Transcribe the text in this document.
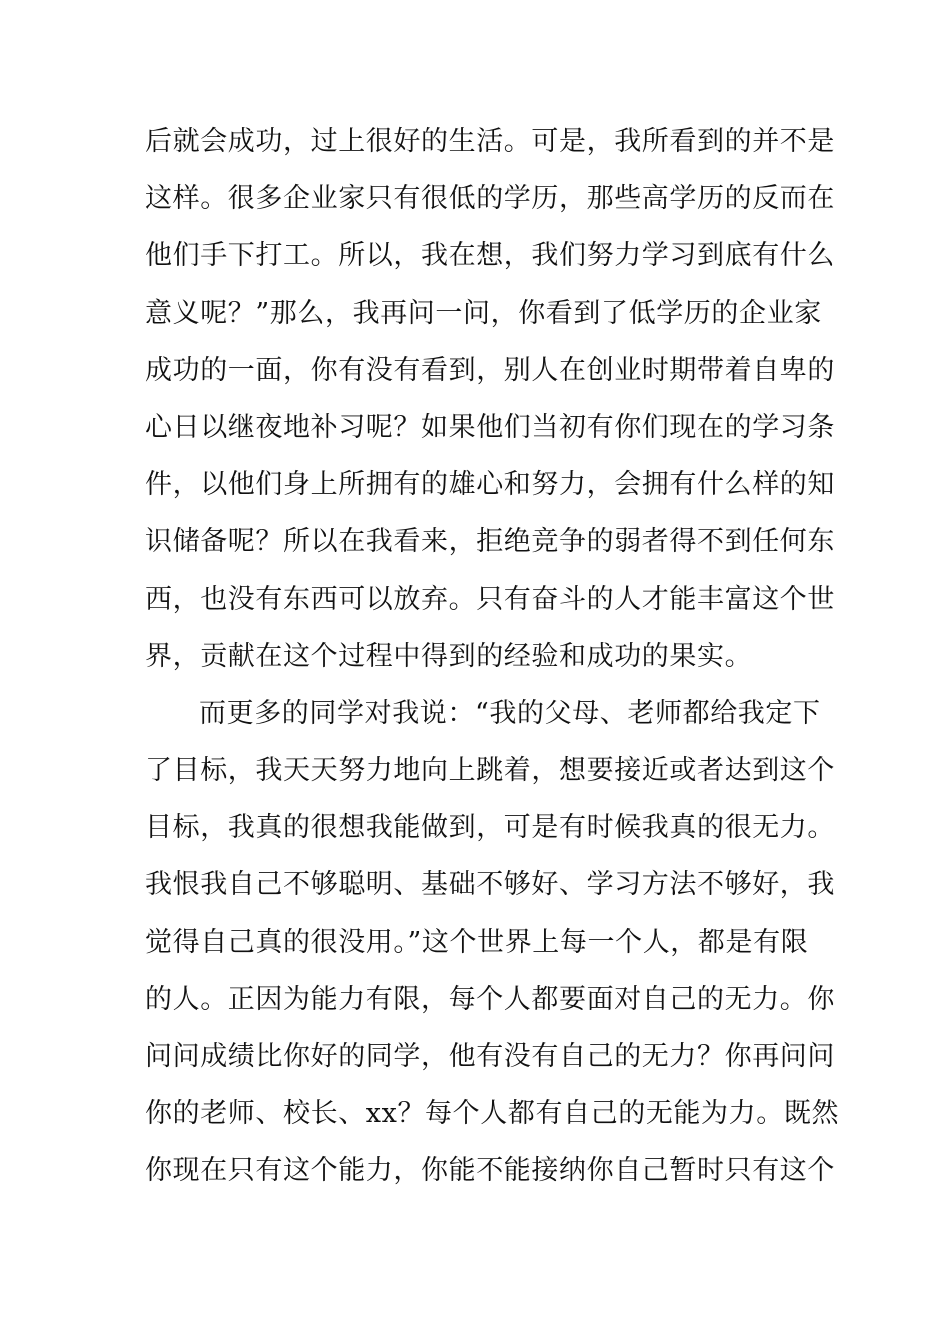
后就会成功，过上很好的生活。可是，我所看到的并不是
这样。很多企业家只有很低的学历，那些高学历的反而在
他们手下打工。所以，我在想，我们努力学习到底有什么
意义呢？”那么，我再问一问，你看到了低学历的企业家
成功的一面，你有没有看到，别人在创业时期带着自卑的
心日以继夜地补习呢？如果他们当初有你们现在的学习条
件，以他们身上所拥有的雄心和努力，会拥有什么样的知
识储备呢？所以在我看来，拒绝竞争的弱者得不到任何东
西，也没有东西可以放弃。只有奋斗的人才能丰富这个世
界，贡献在这个过程中得到的经验和成功的果实。
而更多的同学对我说：“我的父母、老师都给我定下
了目标，我天天努力地向上跳着，想要接近或者达到这个
目标，我真的很想我能做到，可是有时候我真的很无力。
我恨我自己不够聪明、基础不够好、学习方法不够好，我
觉得自己真的很没用。”这个世界上每一个人，都是有限
的人。正因为能力有限，每个人都要面对自己的无力。你
问问成绩比你好的同学，他有没有自己的无力？你再问问
你的老师、校长、xx？每个人都有自己的无能为力。既然
你现在只有这个能力，你能不能接纳你自己暂时只有这个
